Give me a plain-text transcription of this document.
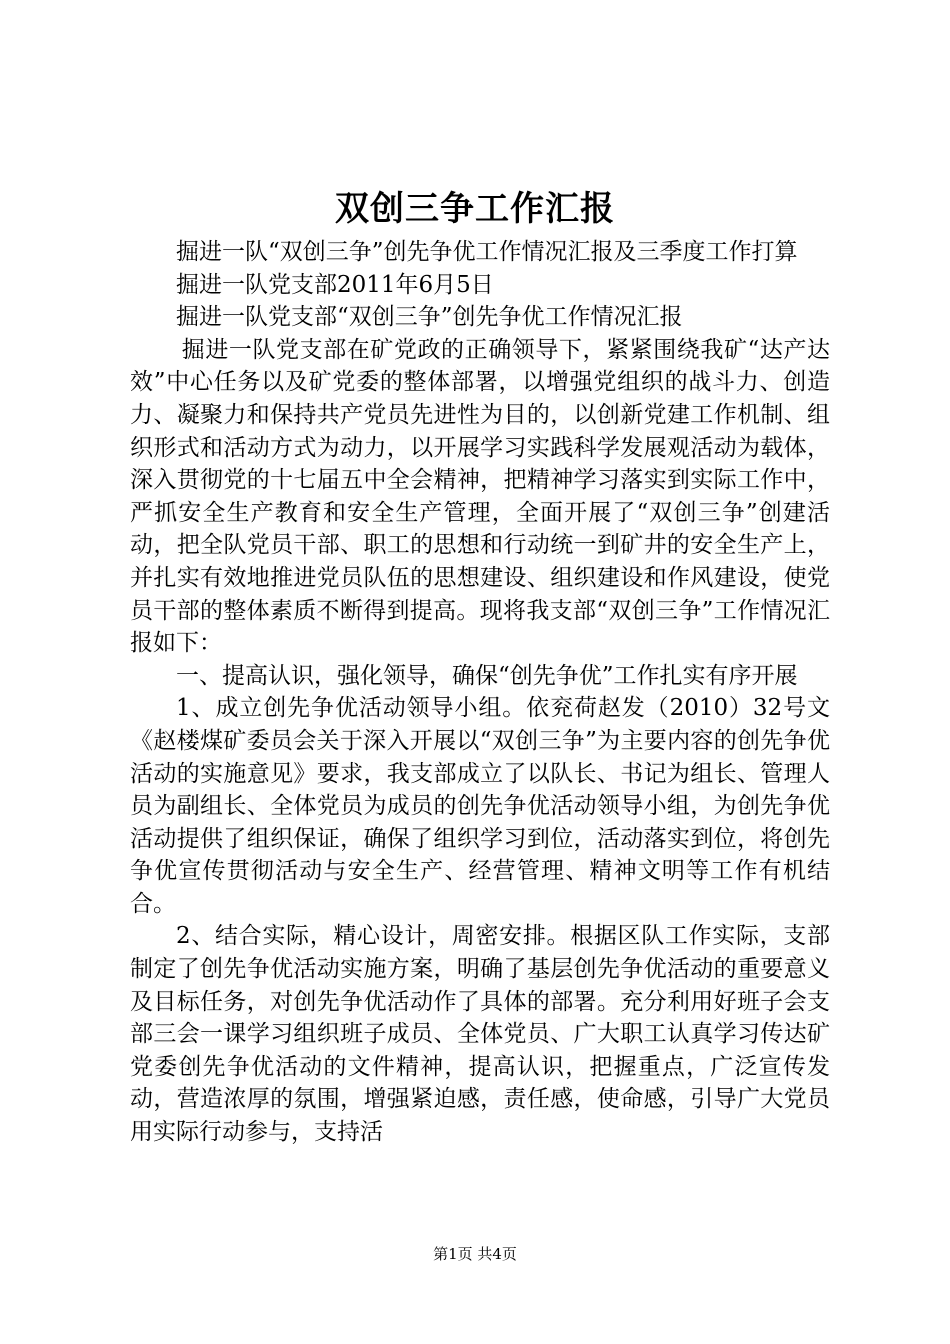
双创三争工作汇报

掘进一队“双创三争”创先争优工作情况汇报及三季度工作打算

掘进一队党支部2011年6月5日

掘进一队党支部“双创三争”创先争优工作情况汇报

掘进一队党支部在矿党政的正确领导下，紧紧围绕我矿“达产达效”中心任务以及矿党委的整体部署，以增强党组织的战斗力、创造力、凝聚力和保持共产党员先进性为目的，以创新党建工作机制、组织形式和活动方式为动力，以开展学习实践科学发展观活动为载体，深入贯彻党的十七届五中全会精神，把精神学习落实到实际工作中，严抓安全生产教育和安全生产管理，全面开展了“双创三争”创建活动，把全队党员干部、职工的思想和行动统一到矿井的安全生产上，并扎实有效地推进党员队伍的思想建设、组织建设和作风建设，使党员干部的整体素质不断得到提高。现将我支部“双创三争”工作情况汇报如下：

一、提高认识，强化领导，确保“创先争优”工作扎实有序开展

1、成立创先争优活动领导小组。依兖荷赵发（2010）32号文《赵楼煤矿委员会关于深入开展以“双创三争”为主要内容的创先争优活动的实施意见》要求，我支部成立了以队长、书记为组长、管理人员为副组长、全体党员为成员的创先争优活动领导小组，为创先争优活动提供了组织保证，确保了组织学习到位，活动落实到位，将创先争优宣传贯彻活动与安全生产、经营管理、精神文明等工作有机结合。

2、结合实际，精心设计，周密安排。根据区队工作实际，支部制定了创先争优活动实施方案，明确了基层创先争优活动的重要意义及目标任务，对创先争优活动作了具体的部署。充分利用好班子会支部三会一课学习组织班子成员、全体党员、广大职工认真学习传达矿党委创先争优活动的文件精神，提高认识，把握重点，广泛宣传发动，营造浓厚的氛围，增强紧迫感，责任感，使命感，引导广大党员用实际行动参与，支持活

第1页 共4页
